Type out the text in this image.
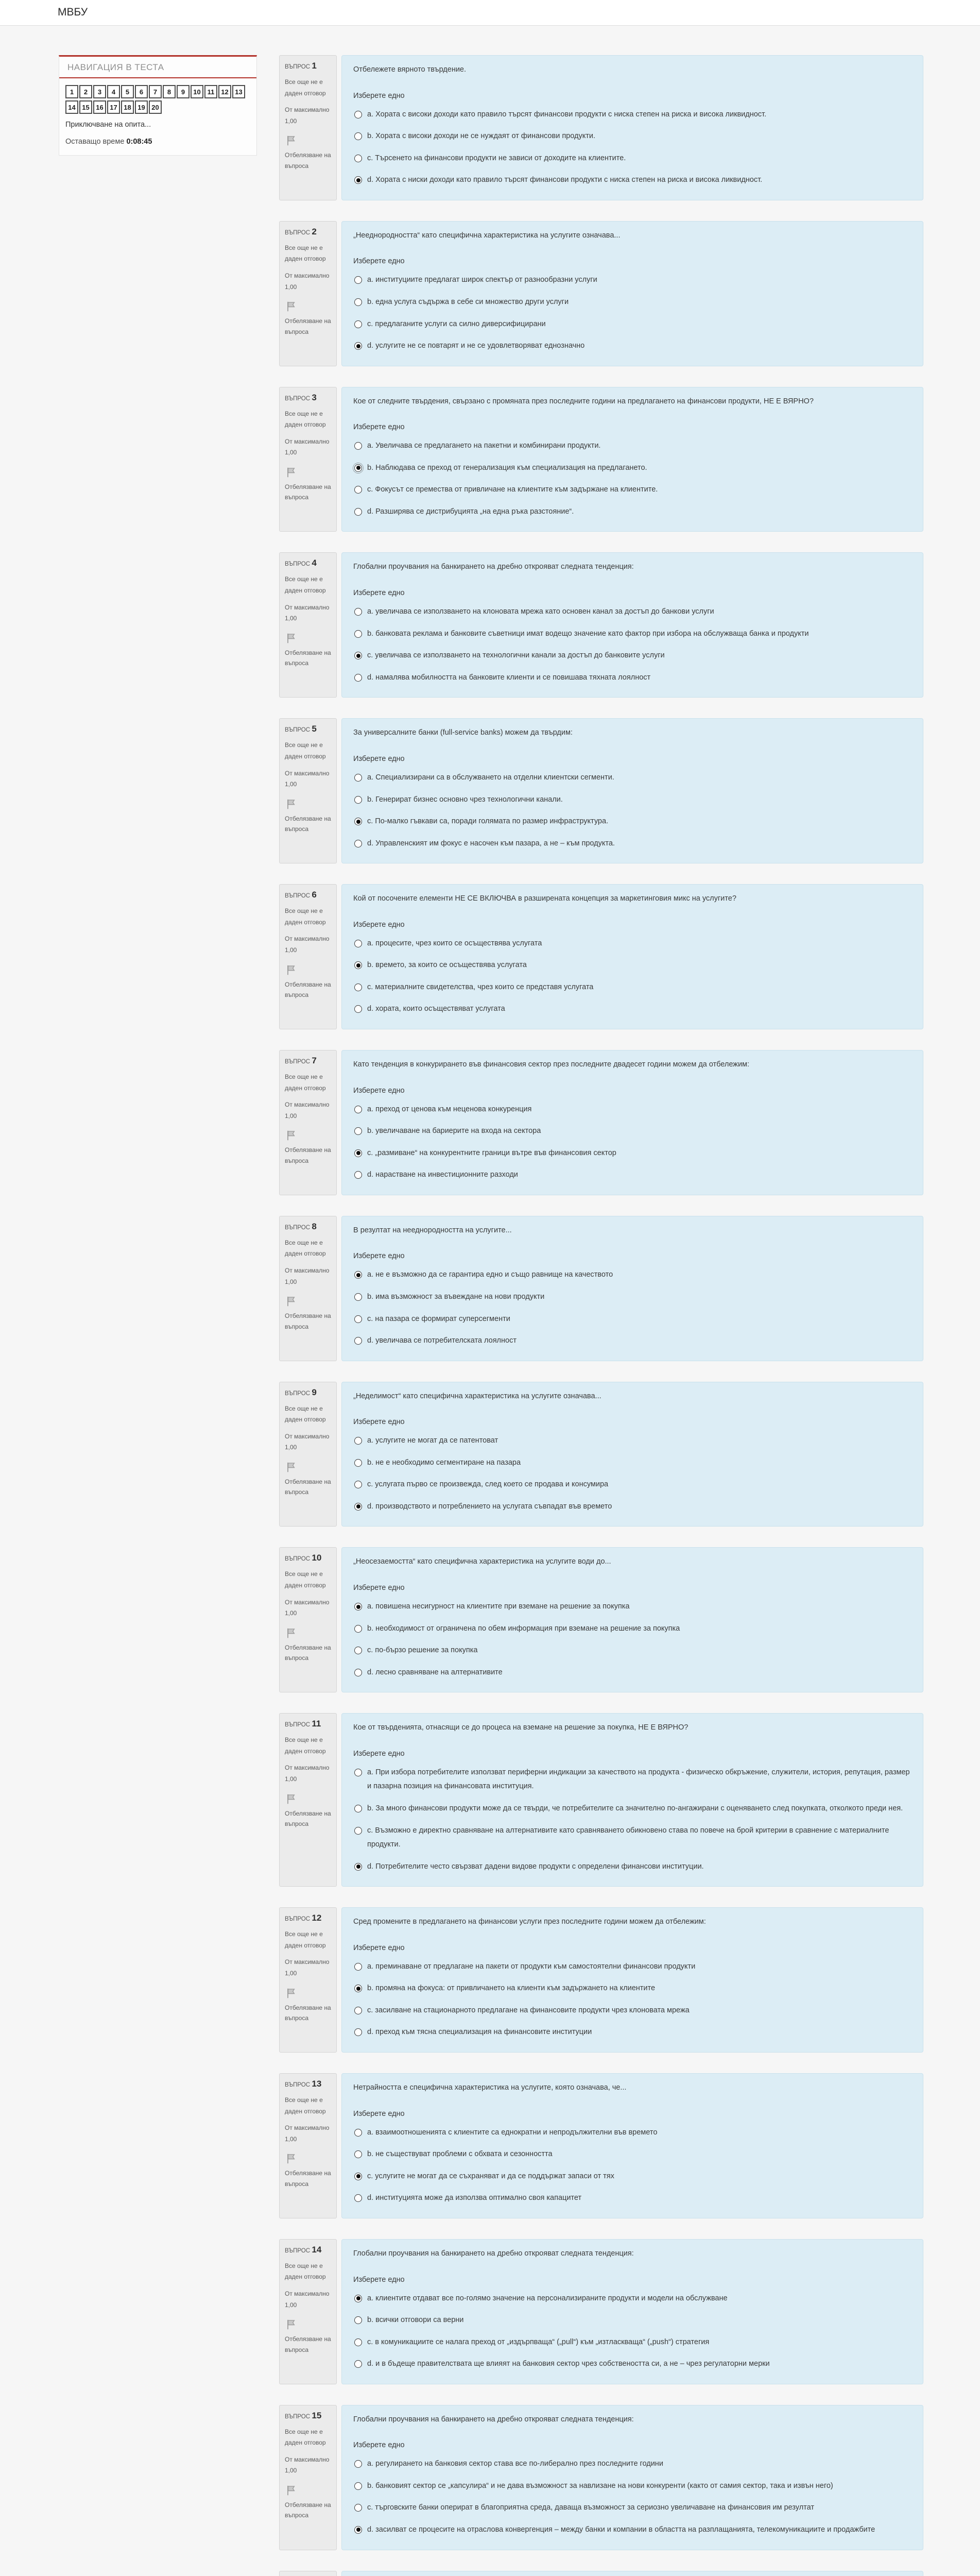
МВБУ
НАВИГАЦИЯ В ТЕСТА
1	2	3	4	5	6	7	8	9	10 11 12 13
14 15 16 17 18 19 20
Приключване на опита...
Оставащо време 0:08:45
ВЪПРОС 1
Все още не е даден отговор
От максимално 1,00
Отбелязване на въпроса
Отбележете вярното твърдение.
Изберете едно
a. Хората с високи доходи като правило търсят финансови продукти с ниска степен на риска и висока ликвидност.
b. Хората с високи доходи не се нуждаят от финансови продукти.
c. Търсенето на финансови продукти не зависи от доходите на клиентите.
d. Хората с ниски доходи като правило търсят финансови продукти с ниска степен на риска и висока ликвидност.
ВЪПРОС 2
Все още не е даден отговор
От максимално 1,00
Отбелязване на въпроса
„Нееднородността“ като специфична характеристика на услугите означава...
Изберете едно
a. институциите предлагат широк спектър от разнообразни услуги
b. една услуга съдържа в себе си множество други услуги
c. предлаганите услуги са силно диверсифицирани
d. услугите не се повтарят и не се удовлетворяват еднозначно
ВЪПРОС 3
Все още не е даден отговор
От максимално 1,00
Отбелязване на въпроса
Кое от следните твърдения, свързано с промяната през последните години на предлагането на финансови продукти, НЕ Е ВЯРНО?
Изберете едно
a. Увеличава се предлагането на пакетни и комбинирани продукти.
b. Наблюдава се преход от генерализация към специализация на предлагането.
c. Фокусът се премества от привличане на клиентите към задържане на клиентите.
d. Разширява се дистрибуцията „на една ръка разстояние“.
ВЪПРОС 4
Все още не е даден отговор
От максимално 1,00
Отбелязване на въпроса
Глобални проучвания на банкирането на дребно открояват следната тенденция:
Изберете едно
a. увеличава се използването на клоновата мрежа като основен канал за достъп до банкови услуги
b. банковата реклама и банковите съветници имат водещо значение като фактор при избора на обслужваща банка и продукти
c. увеличава се използването на технологични канали за достъп до банковите услуги
d. намалява мобилността на банковите клиенти и се повишава тяхната лоялност
ВЪПРОС 5
Все още не е даден отговор
От максимално 1,00
Отбелязване на въпроса
За универсалните банки (full-service banks) можем да твърдим:
Изберете едно
a. Специализирани са в обслужването на отделни клиентски сегменти.
b. Генерират бизнес основно чрез технологични канали.
c. По-малко гъвкави са, поради голямата по размер инфраструктура.
d. Управленският им фокус е насочен към пазара, а не – към продукта.
ВЪПРОС 6
Все още не е даден отговор
От максимално 1,00
Отбелязване на въпроса
Кой от посочените елементи НЕ СЕ ВКЛЮЧВА в разширената концепция за маркетинговия микс на услугите?
Изберете едно
a. процесите, чрез които се осъществява услугата
b. времето, за които се осъществява услугата
c. материалните свидетелства, чрез които се представя услугата
d. хората, които осъществяват услугата
ВЪПРОС 7
Все още не е даден отговор
От максимално 1,00
Отбелязване на въпроса
Като тенденция в конкурирането във финансовия сектор през последните двадесет години можем да отбележим:
Изберете едно
a. преход от ценова към неценова конкуренция
b. увеличаване на бариерите на входа на сектора
c. „размиване“ на конкурентните граници вътре във финансовия сектор
d. нарастване на инвестиционните разходи
ВЪПРОС 8
Все още не е даден отговор
От максимално 1,00
Отбелязване на въпроса
В резултат на нееднородността на услугите...
Изберете едно
a. не е възможно да се гарантира едно и също равнище на качеството
b. има възможност за въвеждане на нови продукти
c. на пазара се формират суперсегменти
d. увеличава се потребителската лоялност
ВЪПРОС 9
Все още не е даден отговор
От максимално 1,00
Отбелязване на въпроса
„Неделимост“ като специфична характеристика на услугите означава...
Изберете едно
a. услугите не могат да се патентоват
b. не е необходимо сегментиране на пазара
c. услугата първо се произвежда, след което се продава и консумира
d. производството и потреблението на услугата съвпадат във времето
ВЪПРОС 10
Все още не е даден отговор
От максимално 1,00
Отбелязване на въпроса
„Неосезаемостта“ като специфична характеристика на услугите води до...
Изберете едно
a. повишена несигурност на клиентите при вземане на решение за покупка
b. необходимост от ограничена по обем информация при вземане на решение за покупка
c. по-бързо решение за покупка
d. лесно сравняване на алтернативите
ВЪПРОС 11
Все още не е даден отговор
От максимално 1,00
Отбелязване на въпроса
Кое от твърденията, отнасящи се до процеса на вземане на решение за покупка, НЕ Е ВЯРНО?
Изберете едно
a. При избора потребителите използват периферни индикации за качеството на продукта - физическо обкръжение, служители, история, репутация, размер и пазарна позиция на финансовата институция.
b. За много финансови продукти може да се твърди, че потребителите са значително по-ангажирани с оценяването след покупката, отколкото преди нея.
c. Възможно е директно сравняване на алтернативите като сравняването обикновено става по повече на брой критерии в сравнение с материалните продукти.
d. Потребителите често свързват дадени видове продукти с определени финансови институции.
ВЪПРОС 12
Все още не е даден отговор
От максимално 1,00
Отбелязване на въпроса
Сред промените в предлагането на финансови услуги през последните години можем да отбележим:
Изберете едно
a. преминаване от предлагане на пакети от продукти към самостоятелни финансови продукти
b. промяна на фокуса: от привличането на клиенти към задържането на клиентите
c. засилване на стационарното предлагане на финансовите продукти чрез клоновата мрежа
d. преход към тясна специализация на финансовите институции
ВЪПРОС 13
Все още не е даден отговор
От максимално 1,00
Отбелязване на въпроса
Нетрайността е специфична характеристика на услугите, която означава, че...
Изберете едно
a. взаимоотношенията с клиентите са еднократни и непродължителни във времето
b. не съществуват проблеми с обхвата и сезонността
c. услугите не могат да се съхраняват и да се поддържат запаси от тях
d. институцията може да използва оптимално своя капацитет
ВЪПРОС 14
Все още не е даден отговор
От максимално 1,00
Отбелязване на въпроса
Глобални проучвания на банкирането на дребно открояват следната тенденция:
Изберете едно
a. клиентите отдават все по-голямо значение на персонализираните продукти и модели на обслужване
b. всички отговори са верни
c. в комуникациите се налага преход от „издърпваща“ („pull“) към „изтласкваща“ („push“) стратегия
d. и в бъдеще правителствата ще влияят на банковия сектор чрез собствеността си, а не – чрез регулаторни мерки
ВЪПРОС 15
Все още не е даден отговор
От максимално 1,00
Отбелязване на въпроса
Глобални проучвания на банкирането на дребно открояват следната тенденция:
Изберете едно
a. регулирането на банковия сектор става все по-либерално през последните години
b. банковият сектор се „капсулира“ и не дава възможност за навлизане на нови конкуренти (както от самия сектор, така и извън него)
c. търговските банки оперират в благоприятна среда, даваща възможност за сериозно увеличаване на финансовия им резултат
d. засилват се процесите на отраслова конвергенция – между банки и компании в областта на разплащанията, телекомуникациите и продажбите
